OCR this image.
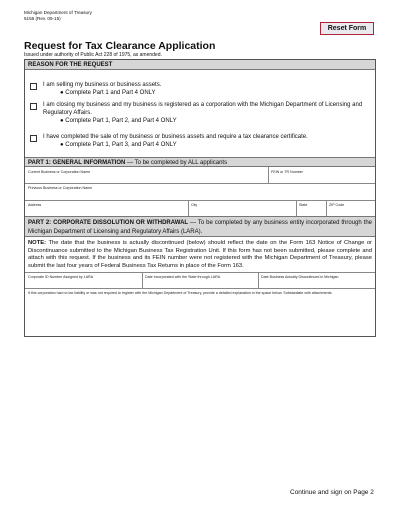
Michigan Department of Treasury
5156 (Rev. 05-15)
Reset Form
Request for Tax Clearance Application
Issued under authority of Public Act 228 of 1975, as amended.
REASON FOR THE REQUEST
I am selling my business or business assets.
● Complete Part 1 and Part 4 ONLY
I am closing my business and my business is registered as a corporation with the Michigan Department of Licensing and Regulatory Affairs.
● Complete Part 1, Part 2, and Part 4 ONLY
I have completed the sale of my business or business assets and require a tax clearance certificate.
● Complete Part 1, Part 3, and Part 4 ONLY
PART 1: GENERAL INFORMATION — To be completed by ALL applicants
Current Business or Corporation Name	FEIN or TR Number
Previous Business or Corporation Name
Address	City	State	ZIP Code
PART 2: CORPORATE DISSOLUTION OR WITHDRAWAL — To be completed by any business entity incorporated through the Michigan Department of Licensing and Regulatory Affairs (LARA).
NOTE: The date that the business is actually discontinued (below) should reflect the date on the Form 163 Notice of Change or Discontinuance submitted to the Michigan Business Tax Registration Unit. If this form has not been submitted, please complete and attach with this request. If the business and its FEIN number were not registered with the Michigan Department of Treasury, please submit the last four years of Federal Business Tax Returns in place of the Form 163.
Corporate ID Number Assigned by LARA	Date Incorporated with the State through LARA	Date Business Actually Discontinued in Michigan
If this corporation had no tax liability or was not required to register with the Michigan Department of Treasury, provide a detailed explanation in the space below. Substantiate with attachments.
Continue and sign on Page 2
